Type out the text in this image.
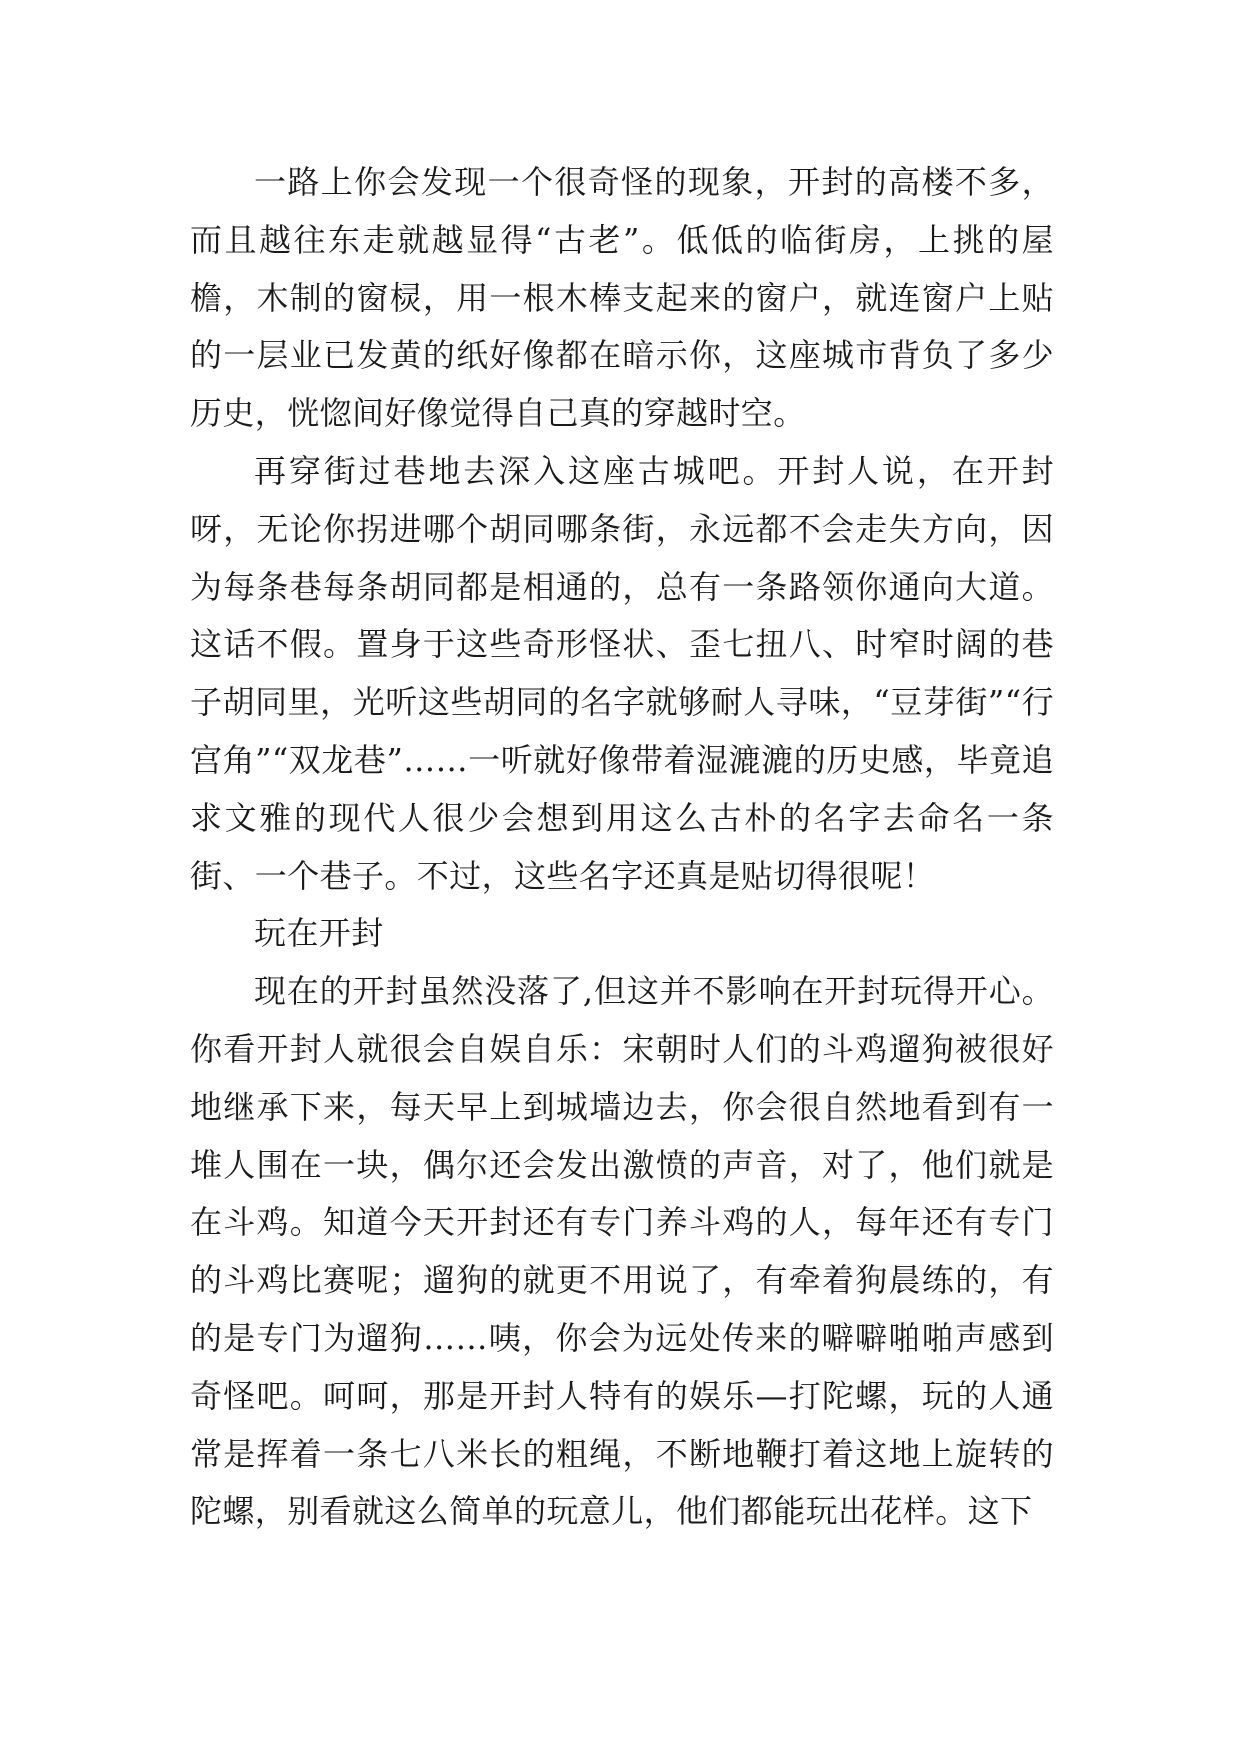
一路上你会发现一个很奇怪的现象，开封的高楼不多，而且越往东走就越显得“古老”。低低的临街房，上挑的屋檐，木制的窗棂，用一根木棒支起来的窗户，就连窗户上贴的一层业已发黄的纸好像都在暗示你，这座城市背负了多少历史，恍惚间好像觉得自己真的穿越时空。

再穿街过巷地去深入这座古城吧。开封人说，在开封呀，无论你拐进哪个胡同哪条街，永远都不会走失方向，因为每条巷每条胡同都是相通的，总有一条路领你通向大道。这话不假。置身于这些奇形怪状、歪七扭八、时窄时阔的巷子胡同里，光听这些胡同的名字就够耐人寻味，“豆芽街”“行宫角”“双龙巷”……一听就好像带着湿漉漉的历史感，毕竟追求文雅的现代人很少会想到用这么古朴的名字去命名一条街、一个巷子。不过，这些名字还真是贴切得很呢！

玩在开封

现在的开封虽然没落了,但这并不影响在开封玩得开心。你看开封人就很会自娱自乐：宋朝时人们的斗鸡遛狗被很好地继承下来，每天早上到城墙边去，你会很自然地看到有一堆人围在一块，偶尔还会发出激愤的声音，对了，他们就是在斗鸡。知道今天开封还有专门养斗鸡的人，每年还有专门的斗鸡比赛呢；遛狗的就更不用说了，有牵着狗晨练的，有的是专门为遛狗……咦，你会为远处传来的噼噼啪啪声感到奇怪吧。呵呵，那是开封人特有的娱乐—打陀螺，玩的人通常是挥着一条七八米长的粗绳，不断地鞭打着这地上旋转的陀螺，别看就这么简单的玩意儿，他们都能玩出花样。这下
